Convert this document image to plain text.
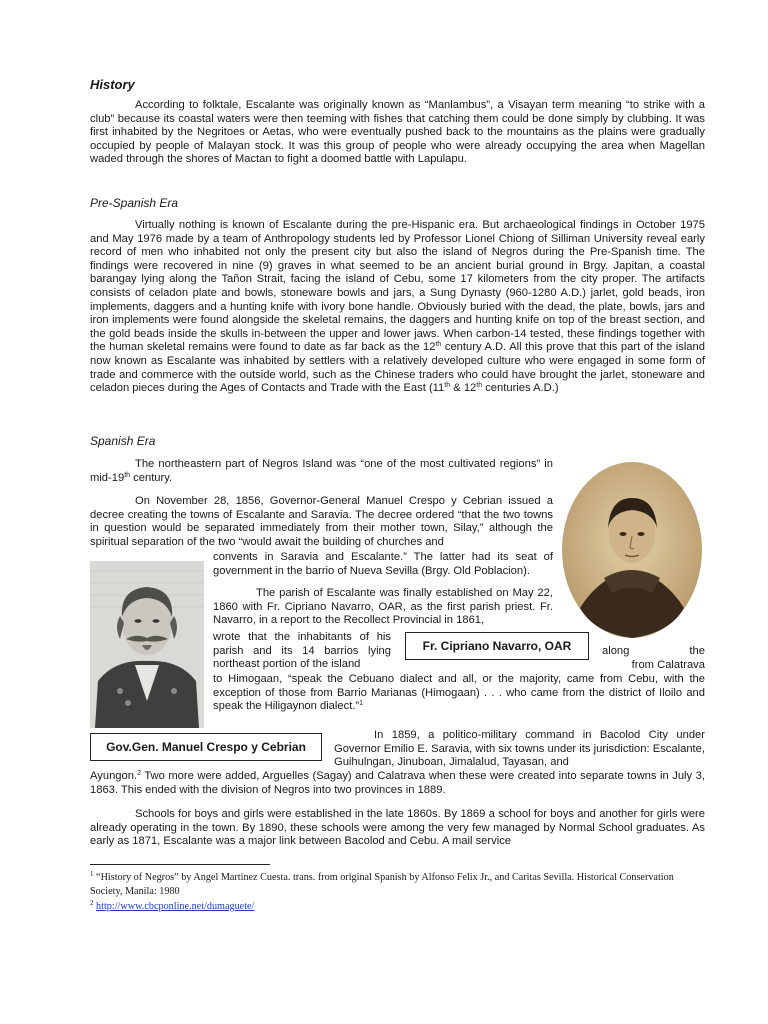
History

According to folktale, Escalante was originally known as “Manlambus”, a Visayan term meaning “to strike with a club” because its coastal waters were then teeming with fishes that catching them could be done simply by clubbing. It was first inhabited by the Negritoes or Aetas, who were eventually pushed back to the mountains as the plains were gradually occupied by people of Malayan stock. It was this group of people who were already occupying the area when Magellan waded through the shores of Mactan to fight a doomed battle with Lapulapu.

Pre-Spanish Era

Virtually nothing is known of Escalante during the pre-Hispanic era. But archaeological findings in October 1975 and May 1976 made by a team of Anthropology students led by Professor Lionel Chiong of Silliman University reveal early record of men who inhabited not only the present city but also the island of Negros during the Pre-Spanish time. The findings were recovered in nine (9) graves in what seemed to be an ancient burial ground in Brgy. Japitan, a coastal barangay lying along the Tañon Strait, facing the island of Cebu, some 17 kilometers from the city proper. The artifacts consists of celadon plate and bowls, stoneware bowls and jars, a Sung Dynasty (960-1280 A.D.) jarlet, gold beads, iron implements, daggers and a hunting knife with ivory bone handle. Obviously buried with the dead, the plate, bowls, jars and iron implements were found alongside the skeletal remains, the daggers and hunting knife on top of the breast section, and the gold beads inside the skulls in-between the upper and lower jaws. When carbon-14 tested, these findings together with the human skeletal remains were found to date as far back as the 12th century A.D. All this prove that this part of the island now known as Escalante was inhabited by settlers with a relatively developed culture who were engaged in some form of trade and commerce with the outside world, such as the Chinese traders who could have brought the jarlet, stoneware and celadon pieces during the Ages of Contacts and Trade with the East (11th & 12th centuries A.D.)

Spanish Era

The northeastern part of Negros Island was “one of the most cultivated regions” in mid-19th century.

On November 28, 1856, Governor-General Manuel Crespo y Cebrian issued a decree creating the towns of Escalante and Saravia. The decree ordered “that the two towns in question would be separated immediately from their mother town, Silay,” although the spiritual separation of the two “would await the building of churches and

convents in Saravia and Escalante.” The latter had its seat of government in the barrio of Nueva Sevilla (Brgy. Old Poblacion).

The parish of Escalante was finally established on May 22, 1860 with Fr. Cipriano Navarro, OAR, as the first parish priest. Fr. Navarro, in a report to the Recollect Provincial in 1861,

wrote that the inhabitants of his parish and its 14 barrios lying northeast portion of the island

Fr. Cipriano Navarro, OAR	along the

from Calatrava

to Himogaan, “speak the Cebuano dialect and all, or the majority, came from Cebu, with the exception of those from Barrio Marianas (Himogaan) . . . who came from the district of Iloilo and speak the Hiligaynon dialect.”$^1$

Gov.Gen. Manuel Crespo y Cebrian

In 1859, a politico-military command in Bacolod City under Governor Emilio E. Saravia, with six towns under its jurisdiction: Escalante, Guihulngan, Jinuboan, Jimalalud, Tayasan, and

Ayungon.$^2$ Two more were added, Arguelles (Sagay) and Calatrava when these were created into separate towns in July 3, 1863. This ended with the division of Negros into two provinces in 1889.

Schools for boys and girls were established in the late 1860s. By 1869 a school for boys and another for girls were already operating in the town. By 1890, these schools were among the very few managed by Normal School graduates. As early as 1871, Escalante was a major link between Bacolod and Cebu. A mail service

$^1$ “History of Negros” by Angel Martinez Cuesta. trans. from original Spanish by Alfonso Felix Jr., and Caritas Sevilla. Historical Conservation Society, Manila: 1980

$^2$ http://www.cbcponline.net/dumaguete/
